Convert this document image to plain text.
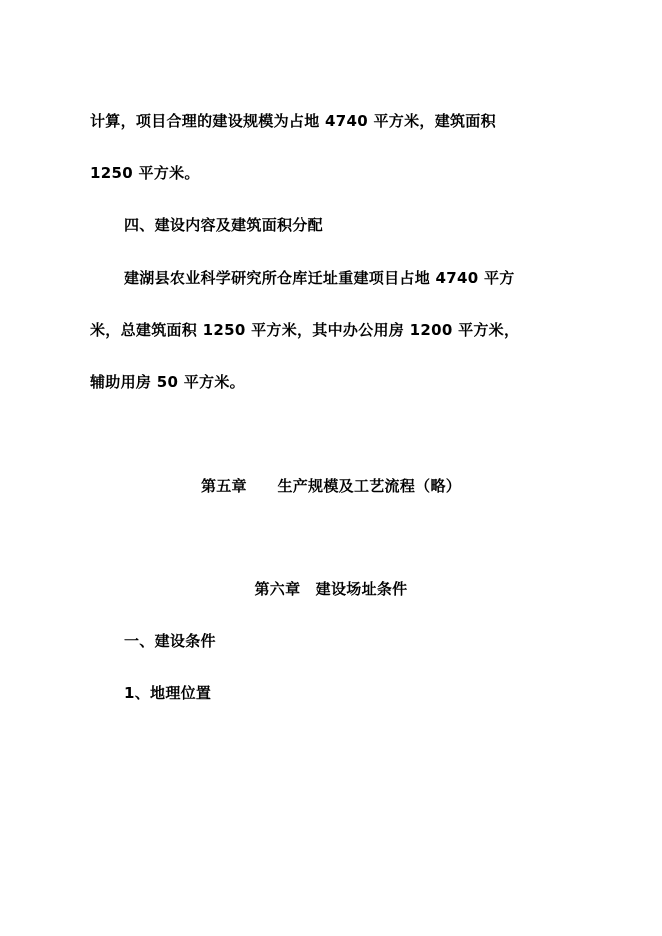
计算，项目合理的建设规模为占地 4740 平方米，建筑面积
1250 平方米。
四、建设内容及建筑面积分配
建湖县农业科学研究所仓库迁址重建项目占地 4740 平方
米，总建筑面积 1250 平方米，其中办公用房 1200 平方米，
辅助用房 50 平方米。
第五章　　生产规模及工艺流程（略）
第六章　建设场址条件
一、建设条件
1、地理位置
